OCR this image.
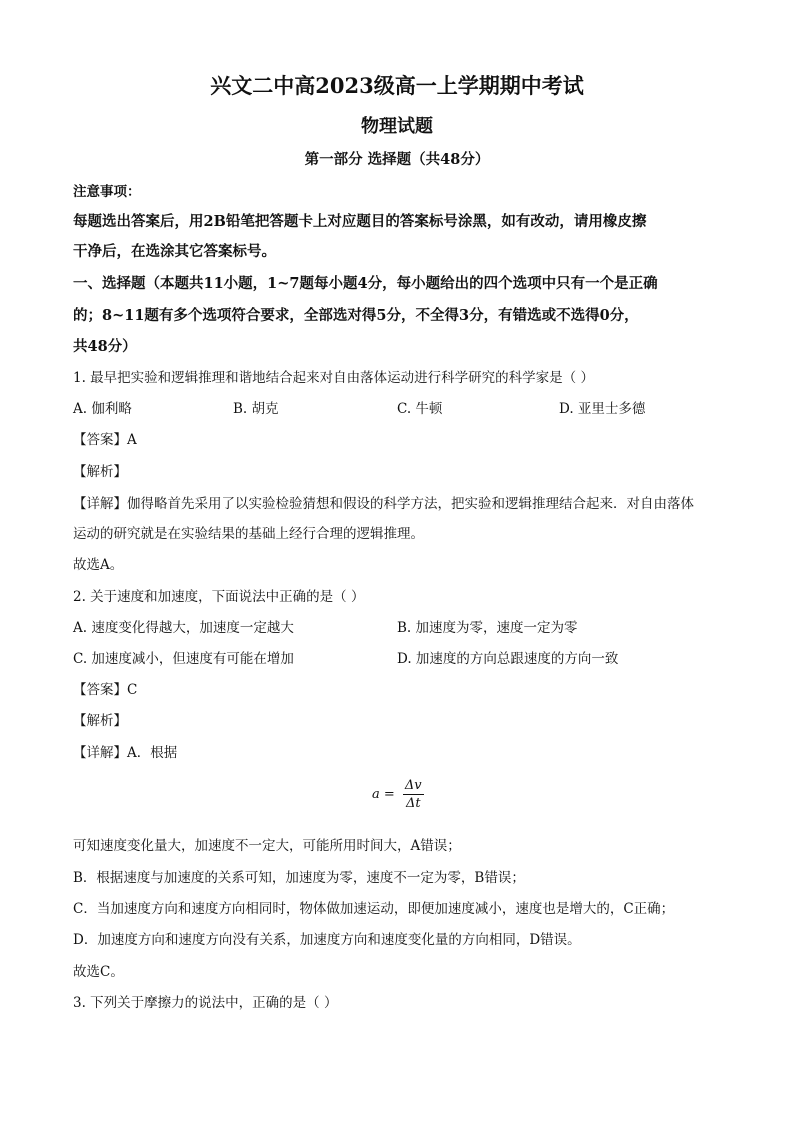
兴文二中高2023级高一上学期期中考试
物理试题
第一部分 选择题（共48分）
注意事项：
每题选出答案后，用2B铅笔把答题卡上对应题目的答案标号涂黑，如有改动，请用橡皮擦
干净后，在选涂其它答案标号。
一、选择题（本题共11小题，1~7题每小题4分，每小题给出的四个选项中只有一个是正确
的；8~11题有多个选项符合要求，全部选对得5分，不全得3分，有错选或不选得0分，
共48分）
1. 最早把实验和逻辑推理和谐地结合起来对自由落体运动进行科学研究的科学家是（ ）
A. 伽利略	B. 胡克	C. 牛顿	D. 亚里士多德
【答案】A
【解析】
【详解】伽得略首先采用了以实验检验猜想和假设的科学方法，把实验和逻辑推理结合起来．对自由落体
运动的研究就是在实验结果的基础上经行合理的逻辑推理。
故选A。
2. 关于速度和加速度，下面说法中正确的是（ ）
A. 速度变化得越大，加速度一定越大	B. 加速度为零，速度一定为零
C. 加速度减小，但速度有可能在增加	D. 加速度的方向总跟速度的方向一致
【答案】C
【解析】
【详解】A．根据
$a = \frac{\Delta v}{\Delta t}$
可知速度变化量大，加速度不一定大，可能所用时间大，A错误；
B．根据速度与加速度的关系可知，加速度为零，速度不一定为零，B错误；
C．当加速度方向和速度方向相同时，物体做加速运动，即便加速度减小，速度也是增大的，C正确；
D．加速度方向和速度方向没有关系，加速度方向和速度变化量的方向相同，D错误。
故选C。
3. 下列关于摩擦力的说法中，正确的是（ ）
